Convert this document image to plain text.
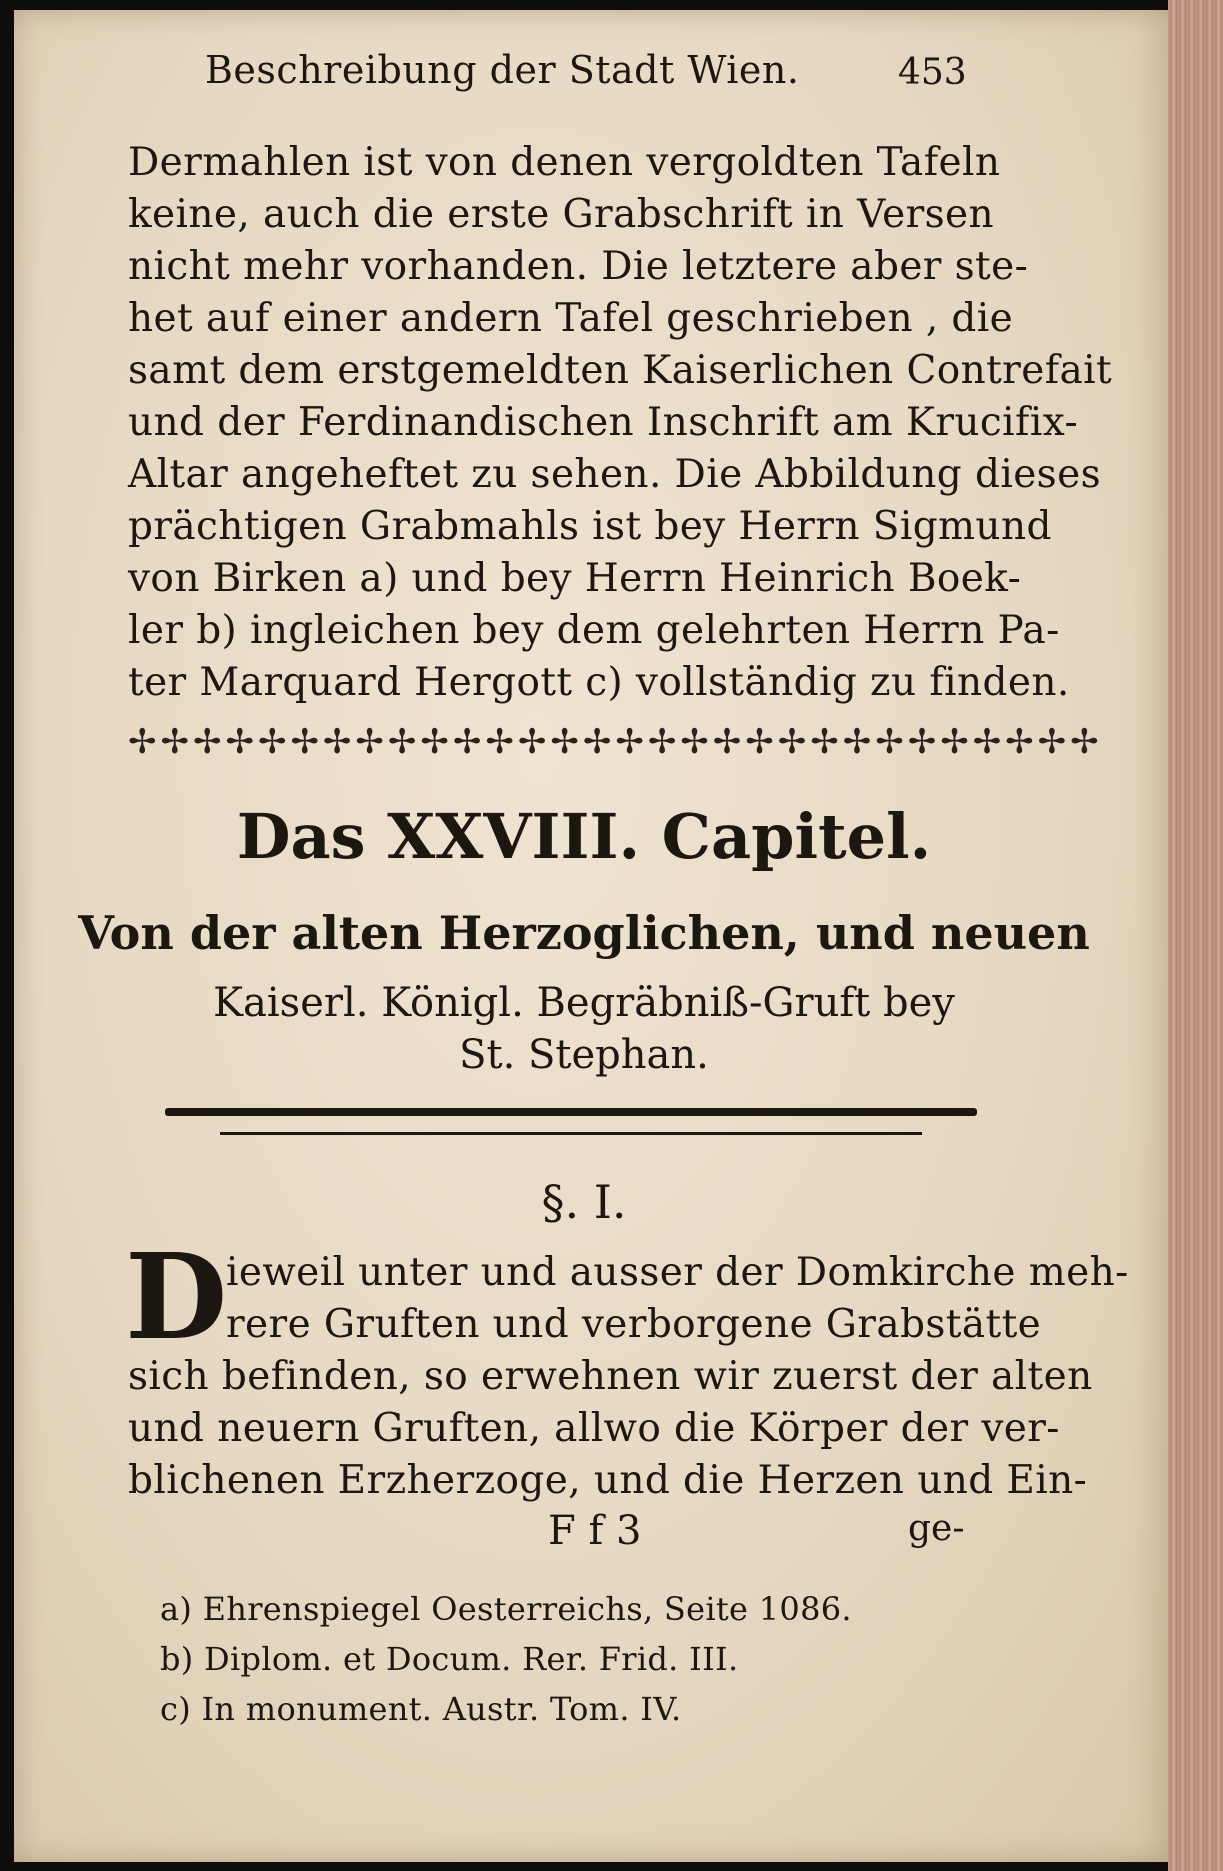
Beschreibung der Stadt Wien.	453
Dermahlen ist von denen vergoldten Tafeln
keine, auch die erste Grabschrift in Versen
nicht mehr vorhanden. Die letztere aber ste-
het auf einer andern Tafel geschrieben , die
samt dem erstgemeldten Kaiserlichen Contrefait
und der Ferdinandischen Inschrift am Krucifix-
Altar angeheftet zu sehen. Die Abbildung dieses
prächtigen Grabmahls ist bey Herrn Sigmund
von Birken a) und bey Herrn Heinrich Boek-
ler b) ingleichen bey dem gelehrten Herrn Pa-
ter Marquard Hergott c) vollständig zu finden.
✢✢✢✢✢✢✢✢✢✢✢✢✢✢✢✢✢✢✢✢✢✢✢✢✢✢✢✢✢✢
Das XXVIII. Capitel.
Von der alten Herzoglichen, und neuen
Kaiserl. Königl. Begräbniß-Gruft bey
St. Stephan.
§. I.
D
ieweil unter und ausser der Domkirche meh-
rere Gruften und verborgene Grabstätte
sich befinden, so erwehnen wir zuerst der alten
und neuern Gruften, allwo die Körper der ver-
blichenen Erzherzoge, und die Herzen und Ein-
F f 3	ge-
a) Ehrenspiegel Oesterreichs, Seite 1086.
b) Diplom. et Docum. Rer. Frid. III.
c) In monument. Austr. Tom. IV.
